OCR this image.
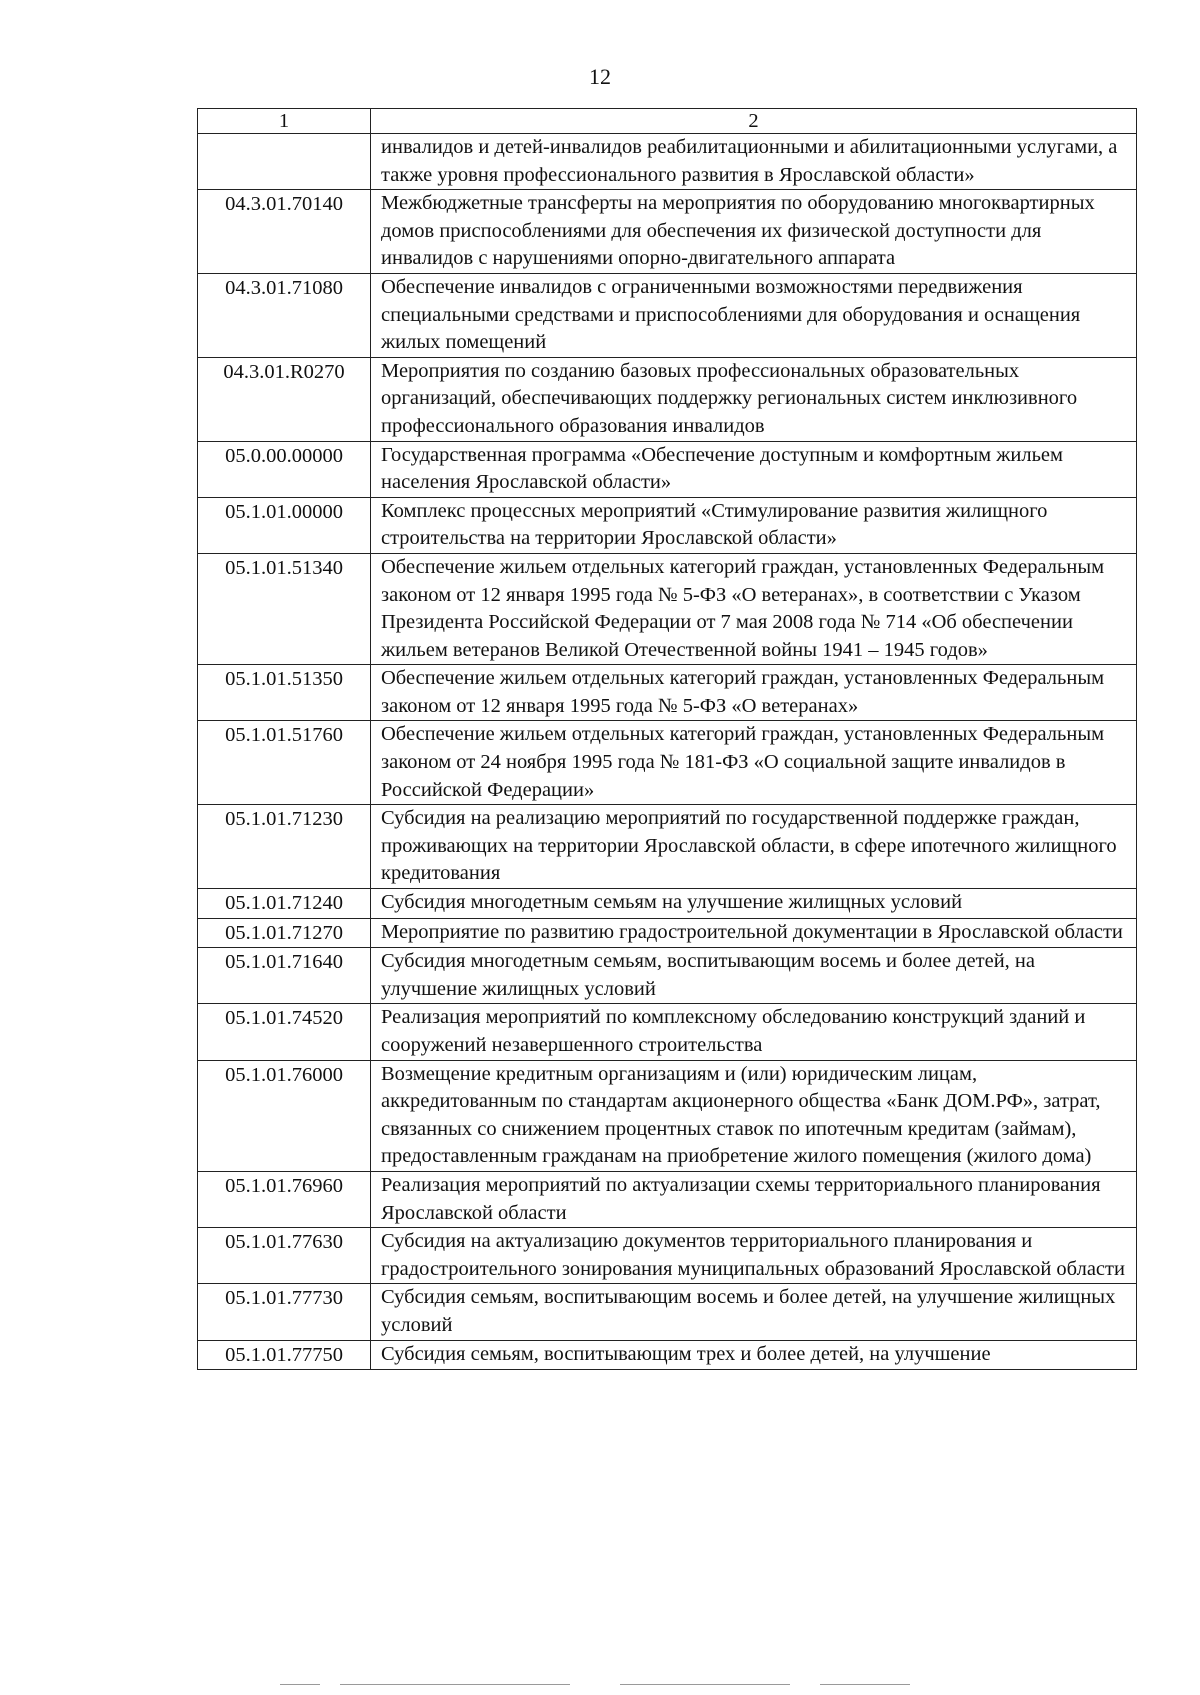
12
1	2
	инвалидов и детей-инвалидов реабилитационными и абилитационными услугами, а также уровня профессионального развития в Ярославской области»
04.3.01.70140	Межбюджетные трансферты на мероприятия по оборудованию многоквартирных домов приспособлениями для обеспечения их физической доступности для инвалидов с нарушениями опорно-двигательного аппарата
04.3.01.71080	Обеспечение инвалидов с ограниченными возможностями передвижения специальными средствами и приспособлениями для оборудования и оснащения жилых помещений
04.3.01.R0270	Мероприятия по созданию базовых профессиональных образовательных организаций, обеспечивающих поддержку региональных систем инклюзивного профессионального образования инвалидов
05.0.00.00000	Государственная программа «Обеспечение доступным и комфортным жильем населения Ярославской области»
05.1.01.00000	Комплекс процессных мероприятий «Стимулирование развития жилищного строительства на территории Ярославской области»
05.1.01.51340	Обеспечение жильем отдельных категорий граждан, установленных Федеральным законом от 12 января 1995 года № 5-ФЗ «О ветеранах», в соответствии с Указом Президента Российской Федерации от 7 мая 2008 года № 714 «Об обеспечении жильем ветеранов Великой Отечественной войны 1941 – 1945 годов»
05.1.01.51350	Обеспечение жильем отдельных категорий граждан, установленных Федеральным законом от 12 января 1995 года № 5-ФЗ «О ветеранах»
05.1.01.51760	Обеспечение жильем отдельных категорий граждан, установленных Федеральным законом от 24 ноября 1995 года № 181-ФЗ «О социальной защите инвалидов в Российской Федерации»
05.1.01.71230	Субсидия на реализацию мероприятий по государственной поддержке граждан, проживающих на территории Ярославской области, в сфере ипотечного жилищного кредитования
05.1.01.71240	Субсидия многодетным семьям на улучшение жилищных условий
05.1.01.71270	Мероприятие по развитию градостроительной документации в Ярославской области
05.1.01.71640	Субсидия многодетным семьям, воспитывающим восемь и более детей, на улучшение жилищных условий
05.1.01.74520	Реализация мероприятий по комплексному обследованию конструкций зданий и сооружений незавершенного строительства
05.1.01.76000	Возмещение кредитным организациям и (или) юридическим лицам, аккредитованным по стандартам акционерного общества «Банк ДОМ.РФ», затрат, связанных со снижением процентных ставок по ипотечным кредитам (займам), предоставленным гражданам на приобретение жилого помещения (жилого дома)
05.1.01.76960	Реализация мероприятий по актуализации схемы территориального планирования Ярославской области
05.1.01.77630	Субсидия на актуализацию документов территориального планирования и градостроительного зонирования муниципальных образований Ярославской области
05.1.01.77730	Субсидия семьям, воспитывающим восемь и более детей, на улучшение жилищных условий
05.1.01.77750	Субсидия семьям, воспитывающим трех и более детей, на улучшение
